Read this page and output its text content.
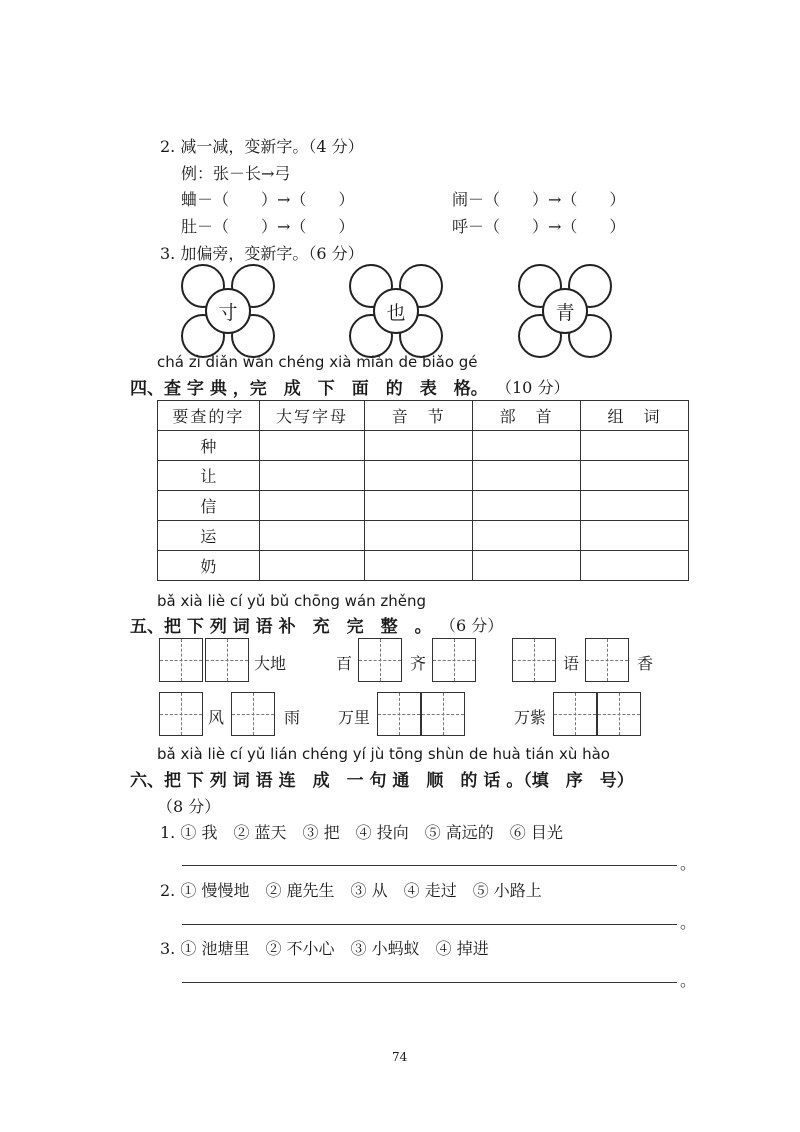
2. 减一减，变新字。（4 分）
例：张－长→弓
蛐－（　　）→（　　）	闹－（　　）→（　　）
肚－（　　）→（　　）	呼－（　　）→（　　）
3. 加偏旁，变新字。（6 分）
寸	也	青
chá zì diǎn wán chéng xià miàn de biǎo gé
四、查 字 典 ，完　成　下　面　的　表　格。 （10 分）
要查的字	大写字母	音　节	部　首	组　词
种				
让				
信				
运				
奶				
bǎ xià liè cí yǔ bǔ chōng wán zhěng
五、把 下 列 词 语 补　充　完　整　。 （6 分）
大地	百	齐	语	香
风	雨 万里	万紫
bǎ xià liè cí yǔ lián chéng yí jù tōng shùn de huà tián xù hào
六、把 下 列 词 语 连　成　一 句 通　顺　的 话 。（填　序　号）
（8 分）
1. ① 我　② 蓝天　③ 把　④ 投向　⑤ 高远的　⑥ 目光
。
2. ① 慢慢地　② 鹿先生　③ 从　④ 走过　⑤ 小路上
。
3. ① 池塘里　② 不小心　③ 小蚂蚁　④ 掉进
。
74
